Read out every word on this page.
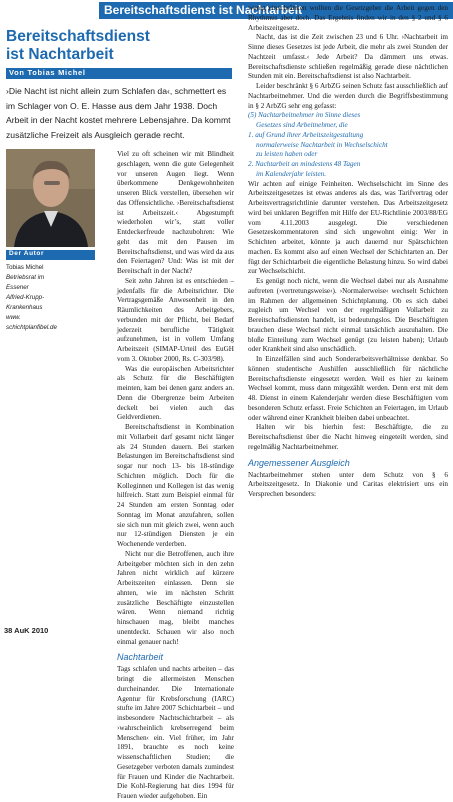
Bereitschaftsdienst ist Nachtarbeit
Bereitschaftsdienst
ist Nachtarbeit
Von Tobias Michel
›Die Nacht ist nicht allein zum Schlafen da‹, schmettert es im Schlager von O. E. Hasse aus dem Jahr 1938. Doch Arbeit in der Nacht kostet mehrere Lebensjahre. Da kommt zusätzliche Freizeit als Ausgleich gerade recht.
Der Autor
Tobias Michel
Betriebsrat im
Essener
Alfried-Krupp-
Krankenhaus
www.
schichtplanfibel.de

Viel zu oft scheinen wir mit Blindheit geschlagen, wenn die gute Gelegenheit vor unseren Augen liegt. Wenn überkommene Denkgewohnheiten unseren Blick verstellen, übersehen wir das Offensichtliche. ›Bereitschaftsdienst ist Arbeitszeit.‹ Abgestumpft wiederholen wir’s, statt voller Entdeckerfreude nachzubohren: Wie geht das mit den Pausen im Bereitschaftsdienst, und was wird da aus den Feiertagen? Und: Was ist mit der Bereitschaft in der Nacht?

Seit zehn Jahren ist es entschieden – jedenfalls für die Arbeitsrichter. Die Vertragsgemäße Anwesenheit in den Räumlichkeiten des Arbeitgebers, verbunden mit der Pflicht, bei Bedarf jederzeit berufliche Tätigkeit aufzunehmen, ist in vollem Umfang Arbeitszeit (SIMAP-Urteil des EuGH vom 3. Oktober 2000, Rs. C-303/98).

Was die europäischen Arbeitsrichter als Schutz für die Beschäftigten meinten, kam bei denen ganz anders an. Denn die Obergrenze beim Arbeiten deckelt bei vielen auch das Geldverdienen.

Bereitschaftsdienst in Kombination mit Vollarbeit darf gesamt nicht länger als 24 Stunden dauern. Bei starken Belastungen im Bereitschaftsdienst sind sogar nur noch 13- bis 18-stündige Schichten möglich. Doch für die Kolleginnen und Kollegen ist das wenig hilfreich. Statt zum Beispiel einmal für 24 Stunden am ersten Sonntag oder Sonntag im Monat anzufahren, sollen sie sich nun mit gleich zwei, wenn auch nur 12-stündigen Diensten je ein Wochenende verderben.

Nicht nur die Betroffenen, auch ihre Arbeitgeber möchten sich in den zehn Jahren nicht wirklich auf kürzere Arbeitszeiten einlassen. Denn sie ahnten, wie im nächsten Schritt zusätzliche Beschäftigte einzustellen wären. Wenn niemand richtig hinschauen mag, bleibt manches unentdeckt. Schauen wir also noch einmal genauer nach!

Nachtarbeit

Tags schlafen und nachts arbeiten – das bringt die allermeisten Menschen durcheinander. Die Internationale Agentur für Krebsforschung (IARC) stufte im Jahre 2007 Schichtarbeit – und insbesondere Nachtschichtarbeit – als ›wahrscheinlich krebserregend beim Menschen‹ ein. Viel früher, im Jahr 1891, brauchte es noch keine wissenschaftlichen Studien; die Gesetzgeber verboten damals zumindest für Frauen und Kinder die Nachtarbeit. Die Kohl-Regierung hat dies 1994 für Frauen wieder aufgehoben. Ein

wenig einschränken wollten die Gesetzgeber die Arbeit gegen den Rhythmus aber doch. Das Ergebnis finden wir in den § 2 und § 6 Arbeitszeitgesetz.

Nacht, das ist die Zeit zwischen 23 und 6 Uhr. ›Nachtarbeit im Sinne dieses Gesetzes ist jede Arbeit, die mehr als zwei Stunden der Nachtzeit umfasst.‹ Jede Arbeit? Da dämmert uns etwas. Bereitschaftsdienste schließen regelmäßig gerade diese nächtlichen Stunden mit ein. Bereitschaftsdienst ist also Nachtarbeit.

Leider beschränkt § 6 ArbZG seinen Schutz fast ausschließlich auf Nachtarbeitnehmer. Und die werden durch die Begriffsbestimmung in § 2 ArbZG sehr eng gefasst:

(5) Nachtarbeitnehmer im Sinne dieses
Gesetzes sind Arbeitnehmer, die
1. auf Grund ihrer Arbeitszeitgestaltung
normalerweise Nachtarbeit in Wechselschicht
zu leisten haben oder
2. Nachtarbeit an mindestens 48 Tagen
im Kalenderjahr leisten.

Wir achten auf einige Feinheiten. Wechselschicht im Sinne des Arbeitszeitgesetzes ist etwas anderes als das, was Tarifvertrag oder Arbeitsvertragsrichtlinie darunter verstehen. Das Arbeitszeitgesetz wird bei unklaren Begriffen mit Hilfe der EU-Richtlinie 2003/88/EG vom 4.11.2003 ausgelegt. Die verschiedenen Gesetzeskommentatoren sind sich ungewohnt einig: Wer in Schichten arbeitet, könnte ja auch dauernd nur Spätschichten machen. Es kommt also auf einen Wechsel der Schichtarten an. Der fügt der Schichtarbeit die eigentliche Belastung hinzu. So wird dabei zur Wechselschicht.

Es genügt noch nicht, wenn die Wechsel dabei nur als Ausnahme auftreten (›vertretungsweise‹). ›Normalerweise‹ wechselt Schichten im Rahmen der allgemeinen Schichtplanung. Ob es sich dabei zugleich um Wechsel von der regelmäßigen Vollarbeit zu Bereitschaftsdiensten handelt, ist bedeutungslos. Die Beschäftigten brauchen diese Wechsel nicht einmal tatsächlich auszuhalten. Die bloße Einteilung zum Wechsel genügt (zu leisten haben); Urlaub oder Krankheit sind also unschädlich.

In Einzelfällen sind auch Sonderarbeitsverhältnisse denkbar. So können studentische Aushilfen ausschließlich für nächtliche Bereitschaftsdienste eingesetzt werden. Weil es hier zu keinem Wechsel kommt, muss dann mitgezählt werden. Denn erst mit dem 48. Dienst in einem Kalenderjahr werden diese Beschäftigten vom besonderen Schutz erfasst. Freie Schichten an Feiertagen, im Urlaub oder während einer Krankheit bleiben dabei unbeachtet.

Halten wir bis hierhin fest: Beschäftigte, die zu Bereitschaftsdienst über die Nacht hinweg eingeteilt werden, sind regelmäßig Nachtarbeitnehmer.

Angemessener Ausgleich

Nachtarbeitnehmer stehen unter dem Schutz von § 6 Arbeitszeitgesetz. In Diakonie und Caritas elektrisiert uns ein Versprechen besonders:

38 AuK 2010
